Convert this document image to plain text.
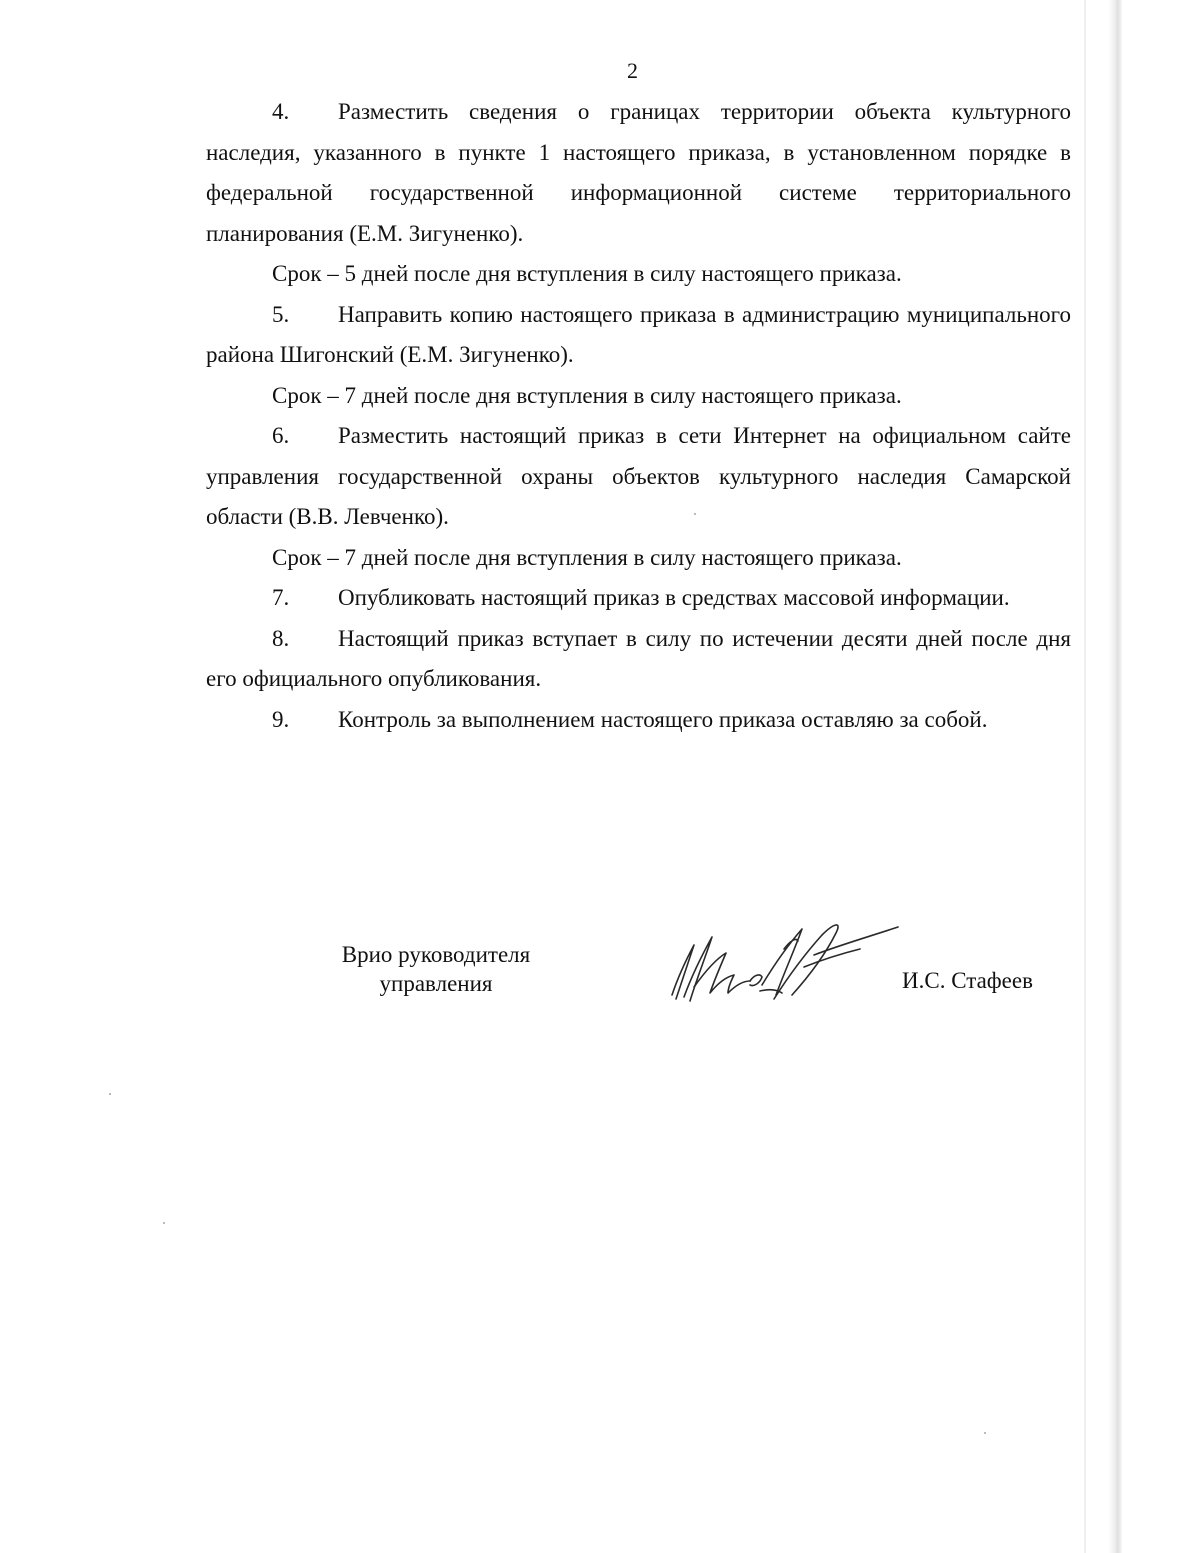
2

4. Разместить сведения о границах территории объекта культурного наследия, указанного в пункте 1 настоящего приказа, в установленном порядке в федеральной государственной информационной системе территориального планирования (Е.М. Зигуненко).

Срок – 5 дней после дня вступления в силу настоящего приказа.

5. Направить копию настоящего приказа в администрацию муниципального района Шигонский (Е.М. Зигуненко).

Срок – 7 дней после дня вступления в силу настоящего приказа.

6. Разместить настоящий приказ в сети Интернет на официальном сайте управления государственной охраны объектов культурного наследия Самарской области (В.В. Левченко).

Срок – 7 дней после дня вступления в силу настоящего приказа.

7. Опубликовать настоящий приказ в средствах массовой информации.

8. Настоящий приказ вступает в силу по истечении десяти дней после дня его официального опубликования.

9. Контроль за выполнением настоящего приказа оставляю за собой.

Врио руководителя
управления	И.С. Стафеев
